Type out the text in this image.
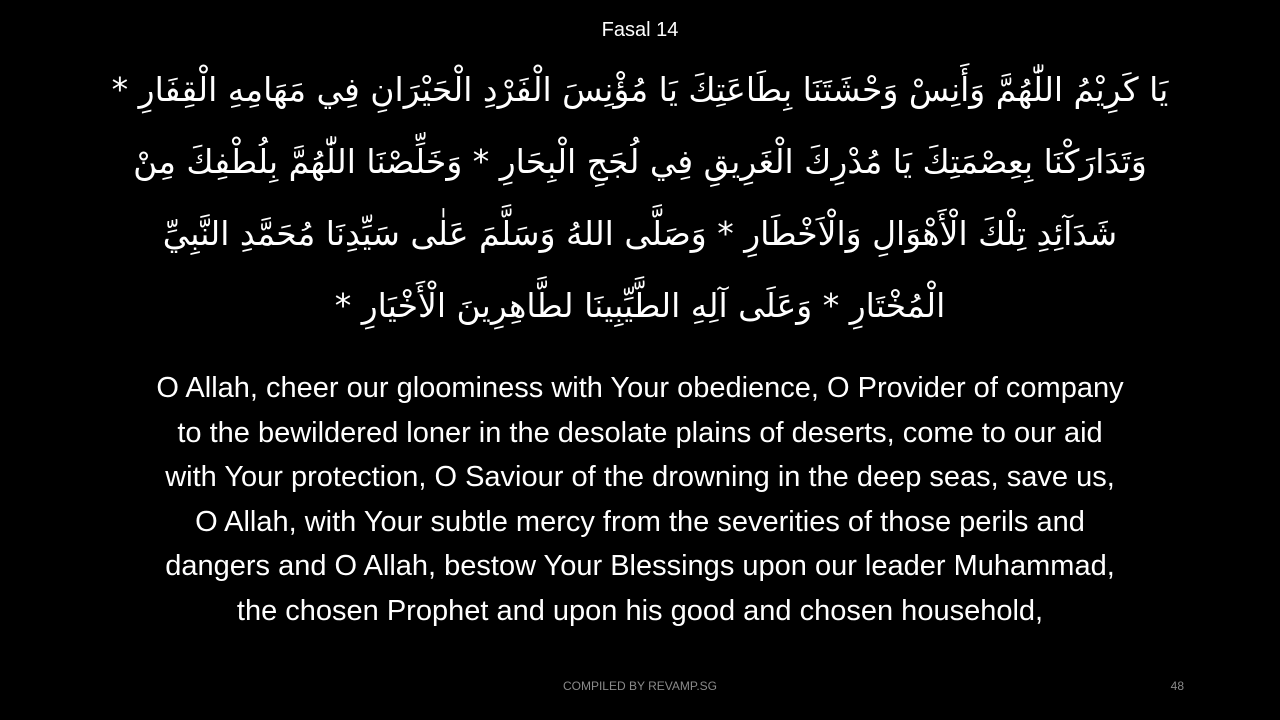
Fasal 14
يَا كَرِيْمُ اللّٰهُمَّ وَأَنِسْ وَحْشَتَنَا بِطَاعَتِكَ يَا مُؤْنِسَ الْفَرْدِ الْحَيْرَانِ فِي مَهَامِهِ الْقِفَارِ *
وَتَدَارَكْنَا بِعِصْمَتِكَ يَا مُدْرِكَ الْغَرِيقِ فِي لُجَجِ الْبِحَارِ * وَخَلِّصْنَا اللّٰهُمَّ بِلُطْفِكَ مِنْ
شَدَآئِدِ تِلْكَ الْأَهْوَالِ وَالْاَخْطَارِ * وَصَلَّى اللهُ وَسَلَّمَ عَلٰى سَيِّدِنَا مُحَمَّدِ النَّبِيِّ
الْمُخْتَارِ * وَعَلَى آلِهِ الطَّيِّبِينَا لطَّاهِرِينَ الْأَخْيَارِ *
O Allah, cheer our gloominess with Your obedience, O Provider of company
to the bewildered loner in the desolate plains of deserts, come to our aid
with Your protection, O Saviour of the drowning in the deep seas, save us,
O Allah, with Your subtle mercy from the severities of those perils and
dangers and O Allah, bestow Your Blessings upon our leader Muhammad,
the chosen Prophet and upon his good and chosen household,
COMPILED BY REVAMP.SG	48
